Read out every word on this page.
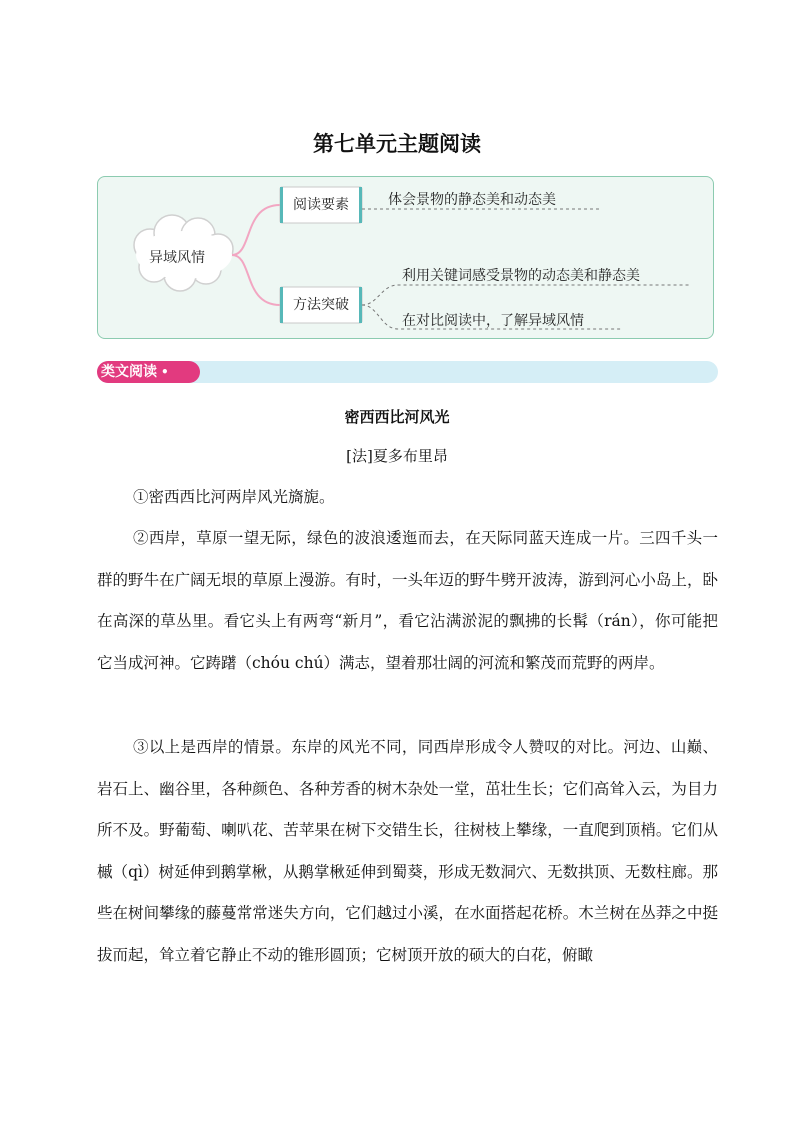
第七单元主题阅读
异域风情
阅读要素
方法突破
体会景物的静态美和动态美
利用关键词感受景物的动态美和静态美
在对比阅读中，了解异域风情
类文阅读 •
密西西比河风光
[法]夏多布里昂

①密西西比河两岸风光旖旎。

②西岸，草原一望无际，绿色的波浪逶迤而去，在天际同蓝天连成一片。三四千头一群的野牛在广阔无垠的草原上漫游。有时，一头年迈的野牛劈开波涛，游到河心小岛上，卧在高深的草丛里。看它头上有两弯“新月”，看它沾满淤泥的飘拂的长髯（rán），你可能把它当成河神。它踌躇（chóu chú）满志，望着那壮阔的河流和繁茂而荒野的两岸。

③以上是西岸的情景。东岸的风光不同，同西岸形成令人赞叹的对比。河边、山巅、岩石上、幽谷里，各种颜色、各种芳香的树木杂处一堂，茁壮生长；它们高耸入云，为目力所不及。野葡萄、喇叭花、苦苹果在树下交错生长，往树枝上攀缘，一直爬到顶梢。它们从槭（qì）树延伸到鹅掌楸，从鹅掌楸延伸到蜀葵，形成无数洞穴、无数拱顶、无数柱廊。那些在树间攀缘的藤蔓常常迷失方向，它们越过小溪，在水面搭起花桥。木兰树在丛莽之中挺拔而起，耸立着它静止不动的锥形圆顶；它树顶开放的硕大的白花，俯瞰
